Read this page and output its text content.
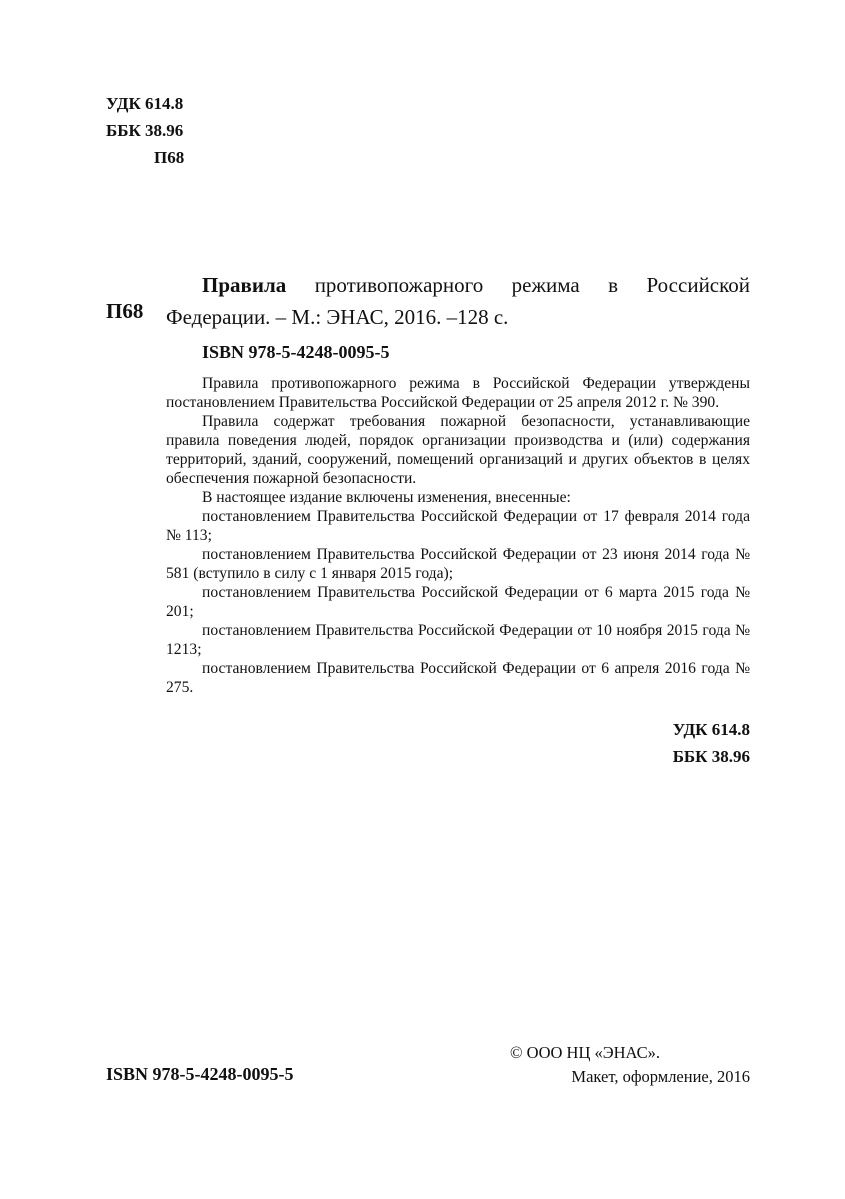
УДК 614.8
ББК 38.96
П68
П68
Правила противопожарного режима в Российской Федерации. – М.: ЭНАС, 2016. –128 с.
ISBN 978-5-4248-0095-5

Правила противопожарного режима в Российской Федерации утверждены постановлением Правительства Российской Федерации от 25 апреля 2012 г. № 390.

Правила содержат требования пожарной безопасности, устанавливающие правила поведения людей, порядок организации производства и (или) содержания территорий, зданий, сооружений, помещений организаций и других объектов в целях обеспечения пожарной безопасности.

В настоящее издание включены изменения, внесенные:

постановлением Правительства Российской Федерации от 17 февраля 2014 года № 113;

постановлением Правительства Российской Федерации от 23 июня 2014 года № 581 (вступило в силу с 1 января 2015 года);

постановлением Правительства Российской Федерации от 6 марта 2015 года № 201;

постановлением Правительства Российской Федерации от 10 ноября 2015 года № 1213;

постановлением Правительства Российской Федерации от 6 апреля 2016 года № 275.

УДК 614.8
ББК 38.96
ISBN 978-5-4248-0095-5
© ООО НЦ «ЭНАС».
Макет, оформление, 2016
